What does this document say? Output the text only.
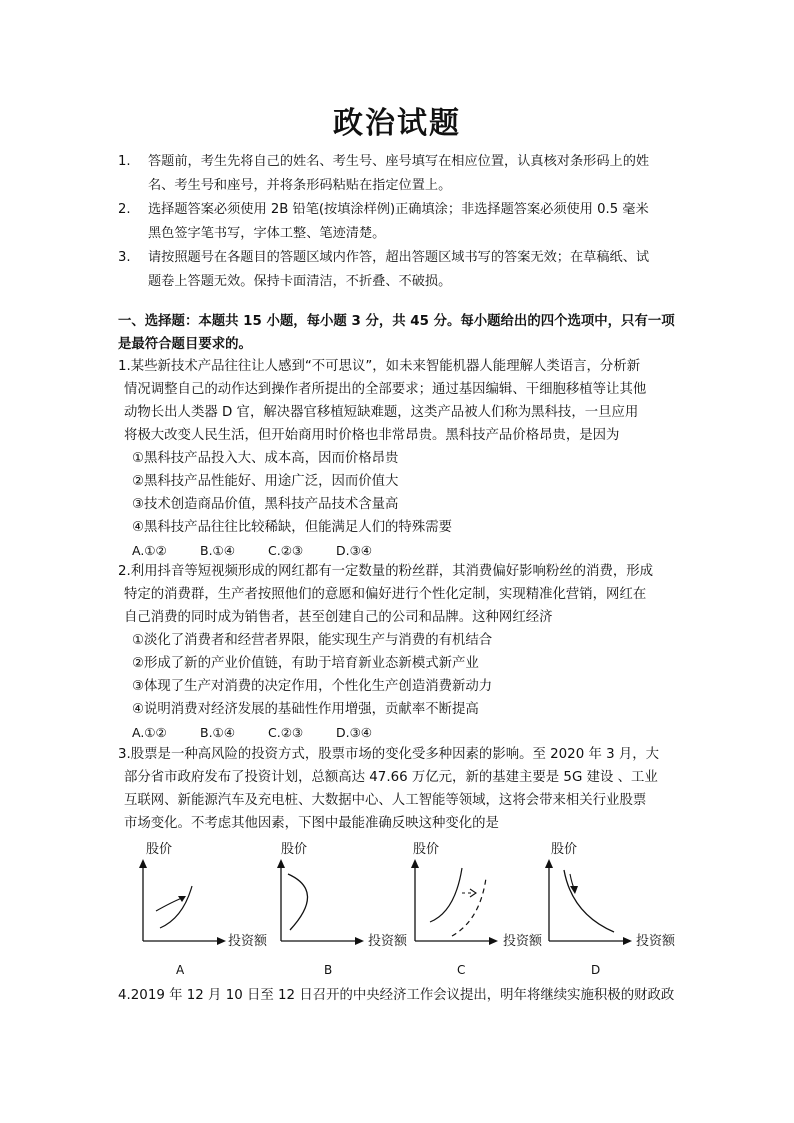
政治试题
1. 答题前，考生先将自己的姓名、考生号、座号填写在相应位置，认真核对条形码上的姓
名、考生号和座号，并将条形码粘贴在指定位置上。
2. 选择题答案必须使用 2B 铅笔(按填涂样例)正确填涂；非选择题答案必须使用 0.5 毫米
黑色签字笔书写，字体工整、笔迹清楚。
3. 请按照题号在各题目的答题区域内作答，超出答题区域书写的答案无效；在草稿纸、试
题卷上答题无效。保持卡面清洁，不折叠、不破损。
一、选择题：本题共 15 小题，每小题 3 分，共 45 分。每小题给出的四个选项中，只有一项
是最符合题目要求的。
1.某些新技术产品往往让人感到“不可思议”，如未来智能机器人能理解人类语言，分析新
情况调整自己的动作达到操作者所提出的全部要求；通过基因编辑、干细胞移植等让其他
动物长出人类器 D 官，解决器官移植短缺难题，这类产品被人们称为黑科技，一旦应用
将极大改变人民生活，但开始商用时价格也非常昂贵。黑科技产品价格昂贵，是因为
①黑科技产品投入大、成本高，因而价格昂贵
②黑科技产品性能好、用途广泛，因而价值大
③技术创造商品价值，黑科技产品技术含量高
④黑科技产品往往比较稀缺，但能满足人们的特殊需要
A.①②	B.①④	C.②③	D.③④
2.利用抖音等短视频形成的网红都有一定数量的粉丝群，其消费偏好影响粉丝的消费，形成
特定的消费群，生产者按照他们的意愿和偏好进行个性化定制，实现精准化营销，网红在
自己消费的同时成为销售者，甚至创建自己的公司和品牌。这种网红经济
①淡化了消费者和经营者界限，能实现生产与消费的有机结合
②形成了新的产业价值链，有助于培育新业态新模式新产业
③体现了生产对消费的决定作用，个性化生产创造消费新动力
④说明消费对经济发展的基础性作用增强，贡献率不断提高
A.①②	B.①④	C.②③	D.③④
3.股票是一种高风险的投资方式，股票市场的变化受多种因素的影响。至 2020 年 3 月，大
部分省市政府发布了投资计划，总额高达 47.66 万亿元，新的基建主要是 5G 建设 、工业
互联网、新能源汽车及充电桩、大数据中心、人工智能等领域，这将会带来相关行业股票
市场变化。不考虑其他因素，下图中最能准确反映这种变化的是
股价
投资额
A
股价
投资额
B
股价
投资额
C
股价
投资额
D
4.2019 年 12 月 10 日至 12 日召开的中央经济工作会议提出，明年将继续实施积极的财政政
